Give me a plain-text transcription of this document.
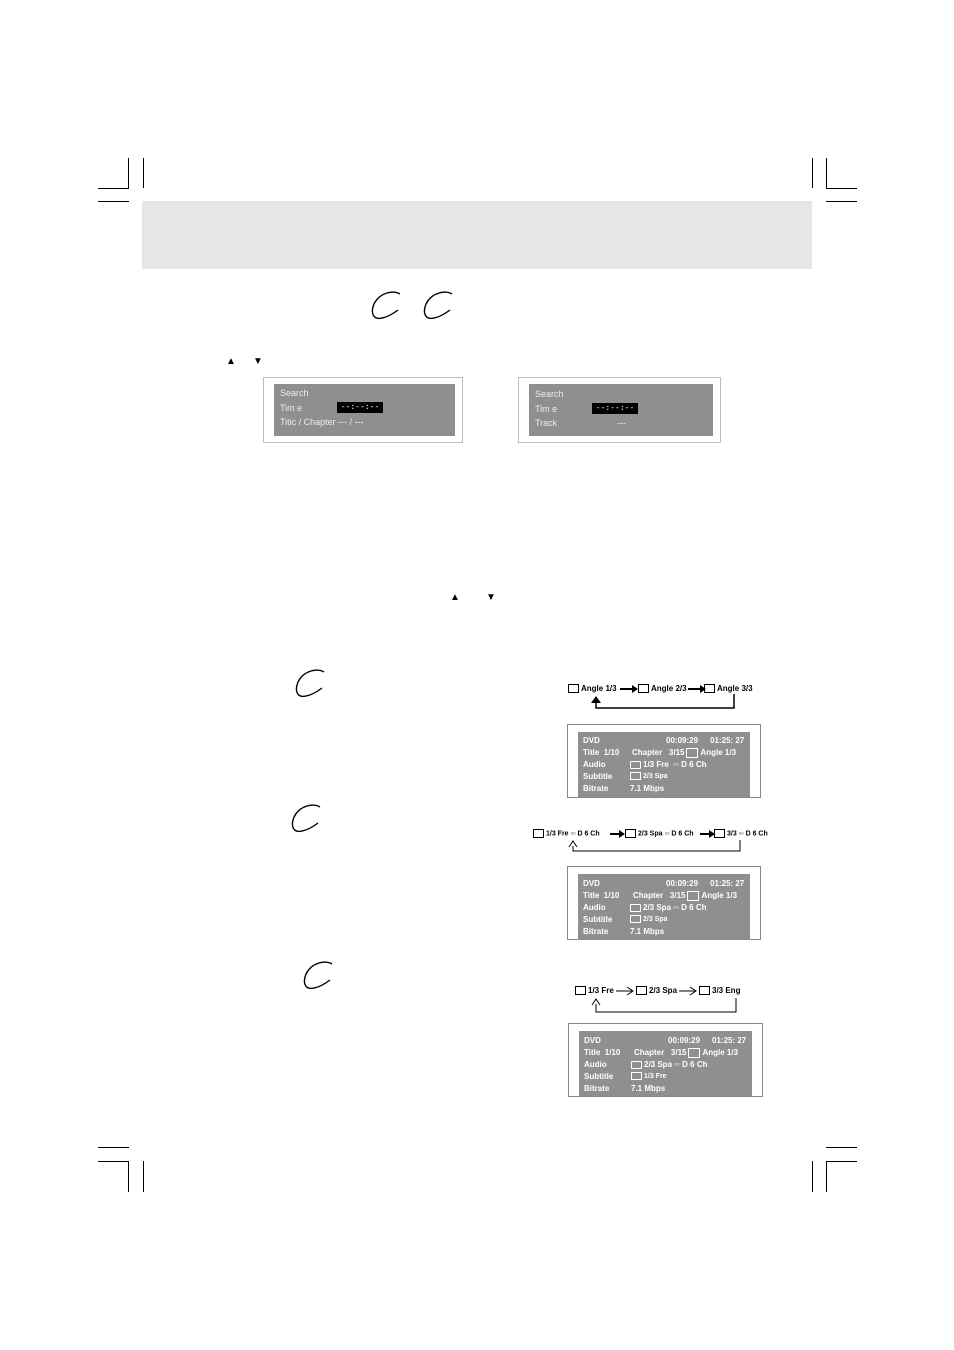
▲ ▼
Search
Tim e	--:--:--
Titic / Chapter --- / ---
Search
Tim e	--:--:--
Track	---
▲	▼
Angle 1/3	Angle 2/3	Angle 3/3
DVD	00:09:29 01:25: 27
Title 1/10 Chapter 3/15 Angle 1/3
Audio	1/3 Fre  ▫▫ D 6 Ch
Subtitle	2/3 Spa
Bitrate	7.1 Mbps
1/3 Fre ▫▫ D 6 Ch	2/3 Spa ▫▫ D 6 Ch	3/3 ▫▫ D 6 Ch
DVD	00:09:29 01:25: 27
Title 1/10 Chapter 3/15 Angle 1/3
Audio	2/3 Spa ▫▫ D 6 Ch
Subtitle	2/3 Spa
Bitrate	7.1 Mbps
1/3 Fre	2/3 Spa	3/3 Eng
DVD	00:09:29 01:25: 27
Title 1/10 Chapter 3/15 Angle 1/3
Audio	2/3 Spa ▫▫ D 6 Ch
Subtitle	1/3 Fre
Bitrate	7.1 Mbps
